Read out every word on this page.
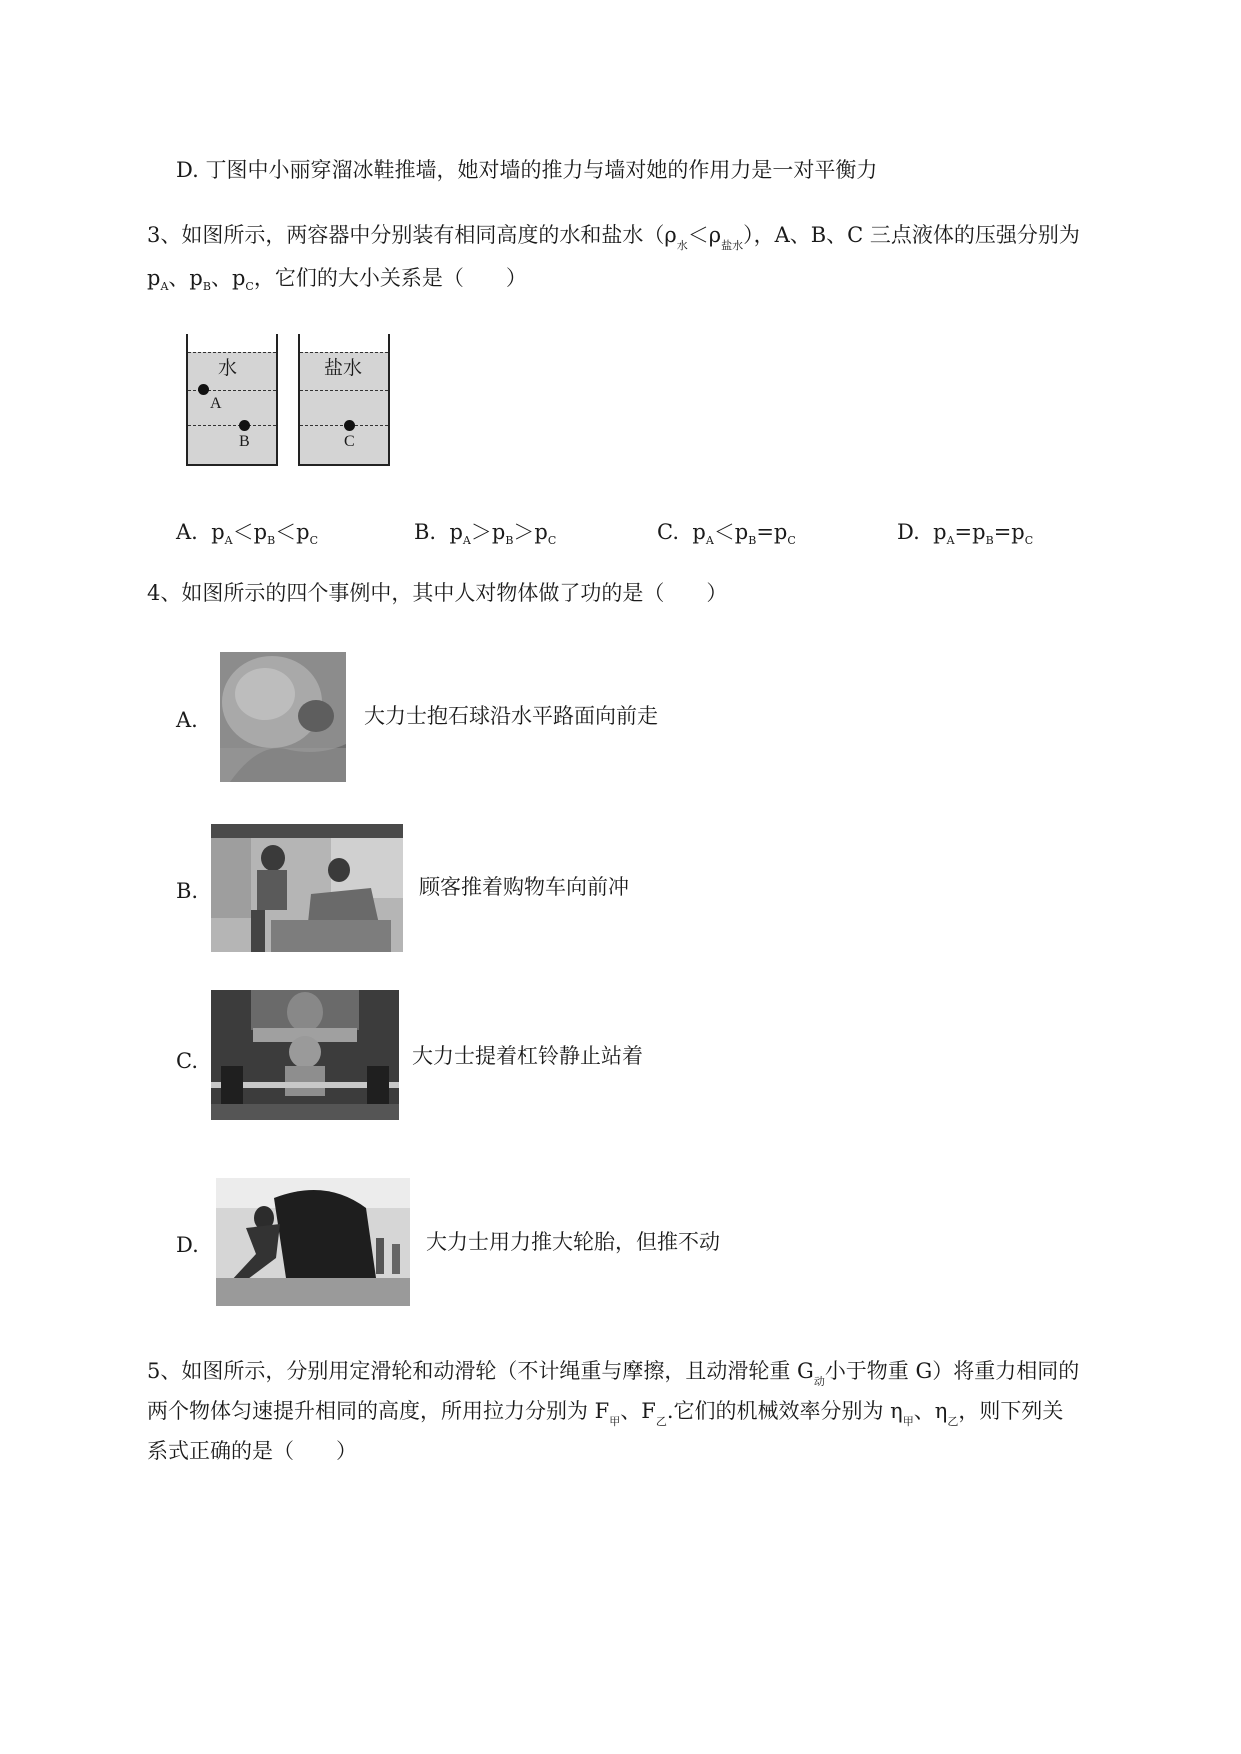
D. 丁图中小丽穿溜冰鞋推墙，她对墙的推力与墙对她的作用力是一对平衡力
3、如图所示，两容器中分别装有相同高度的水和盐水$(\rho_水<\rho_{盐水})$，A、B、C 三点液体的压强分别为
$p_A$、$p_B$、$p_C$，它们的大小关系是（　　）
水	盐水
A
B	C
A. $p_A<p_B<p_C$	B. $p_A>p_B>p_C$	C. $p_A<p_B=p_C$	D. $p_A=p_B=p_C$
4、如图所示的四个事例中，其中人对物体做了功的是（　　）
A.	大力士抱石球沿水平路面向前走
B.	顾客推着购物车向前冲
C.	大力士提着杠铃静止站着
D.	大力士用力推大轮胎，但推不动
5、如图所示，分别用定滑轮和动滑轮（不计绳重与摩擦，且动滑轮重 $G_动$小于物重 G）将重力相同的
两个物体匀速提升相同的高度，所用拉力分别为 $F_甲$、$F_乙$.它们的机械效率分别为 $\eta_甲$、$\eta_乙$，则下列关
系式正确的是（　　）
